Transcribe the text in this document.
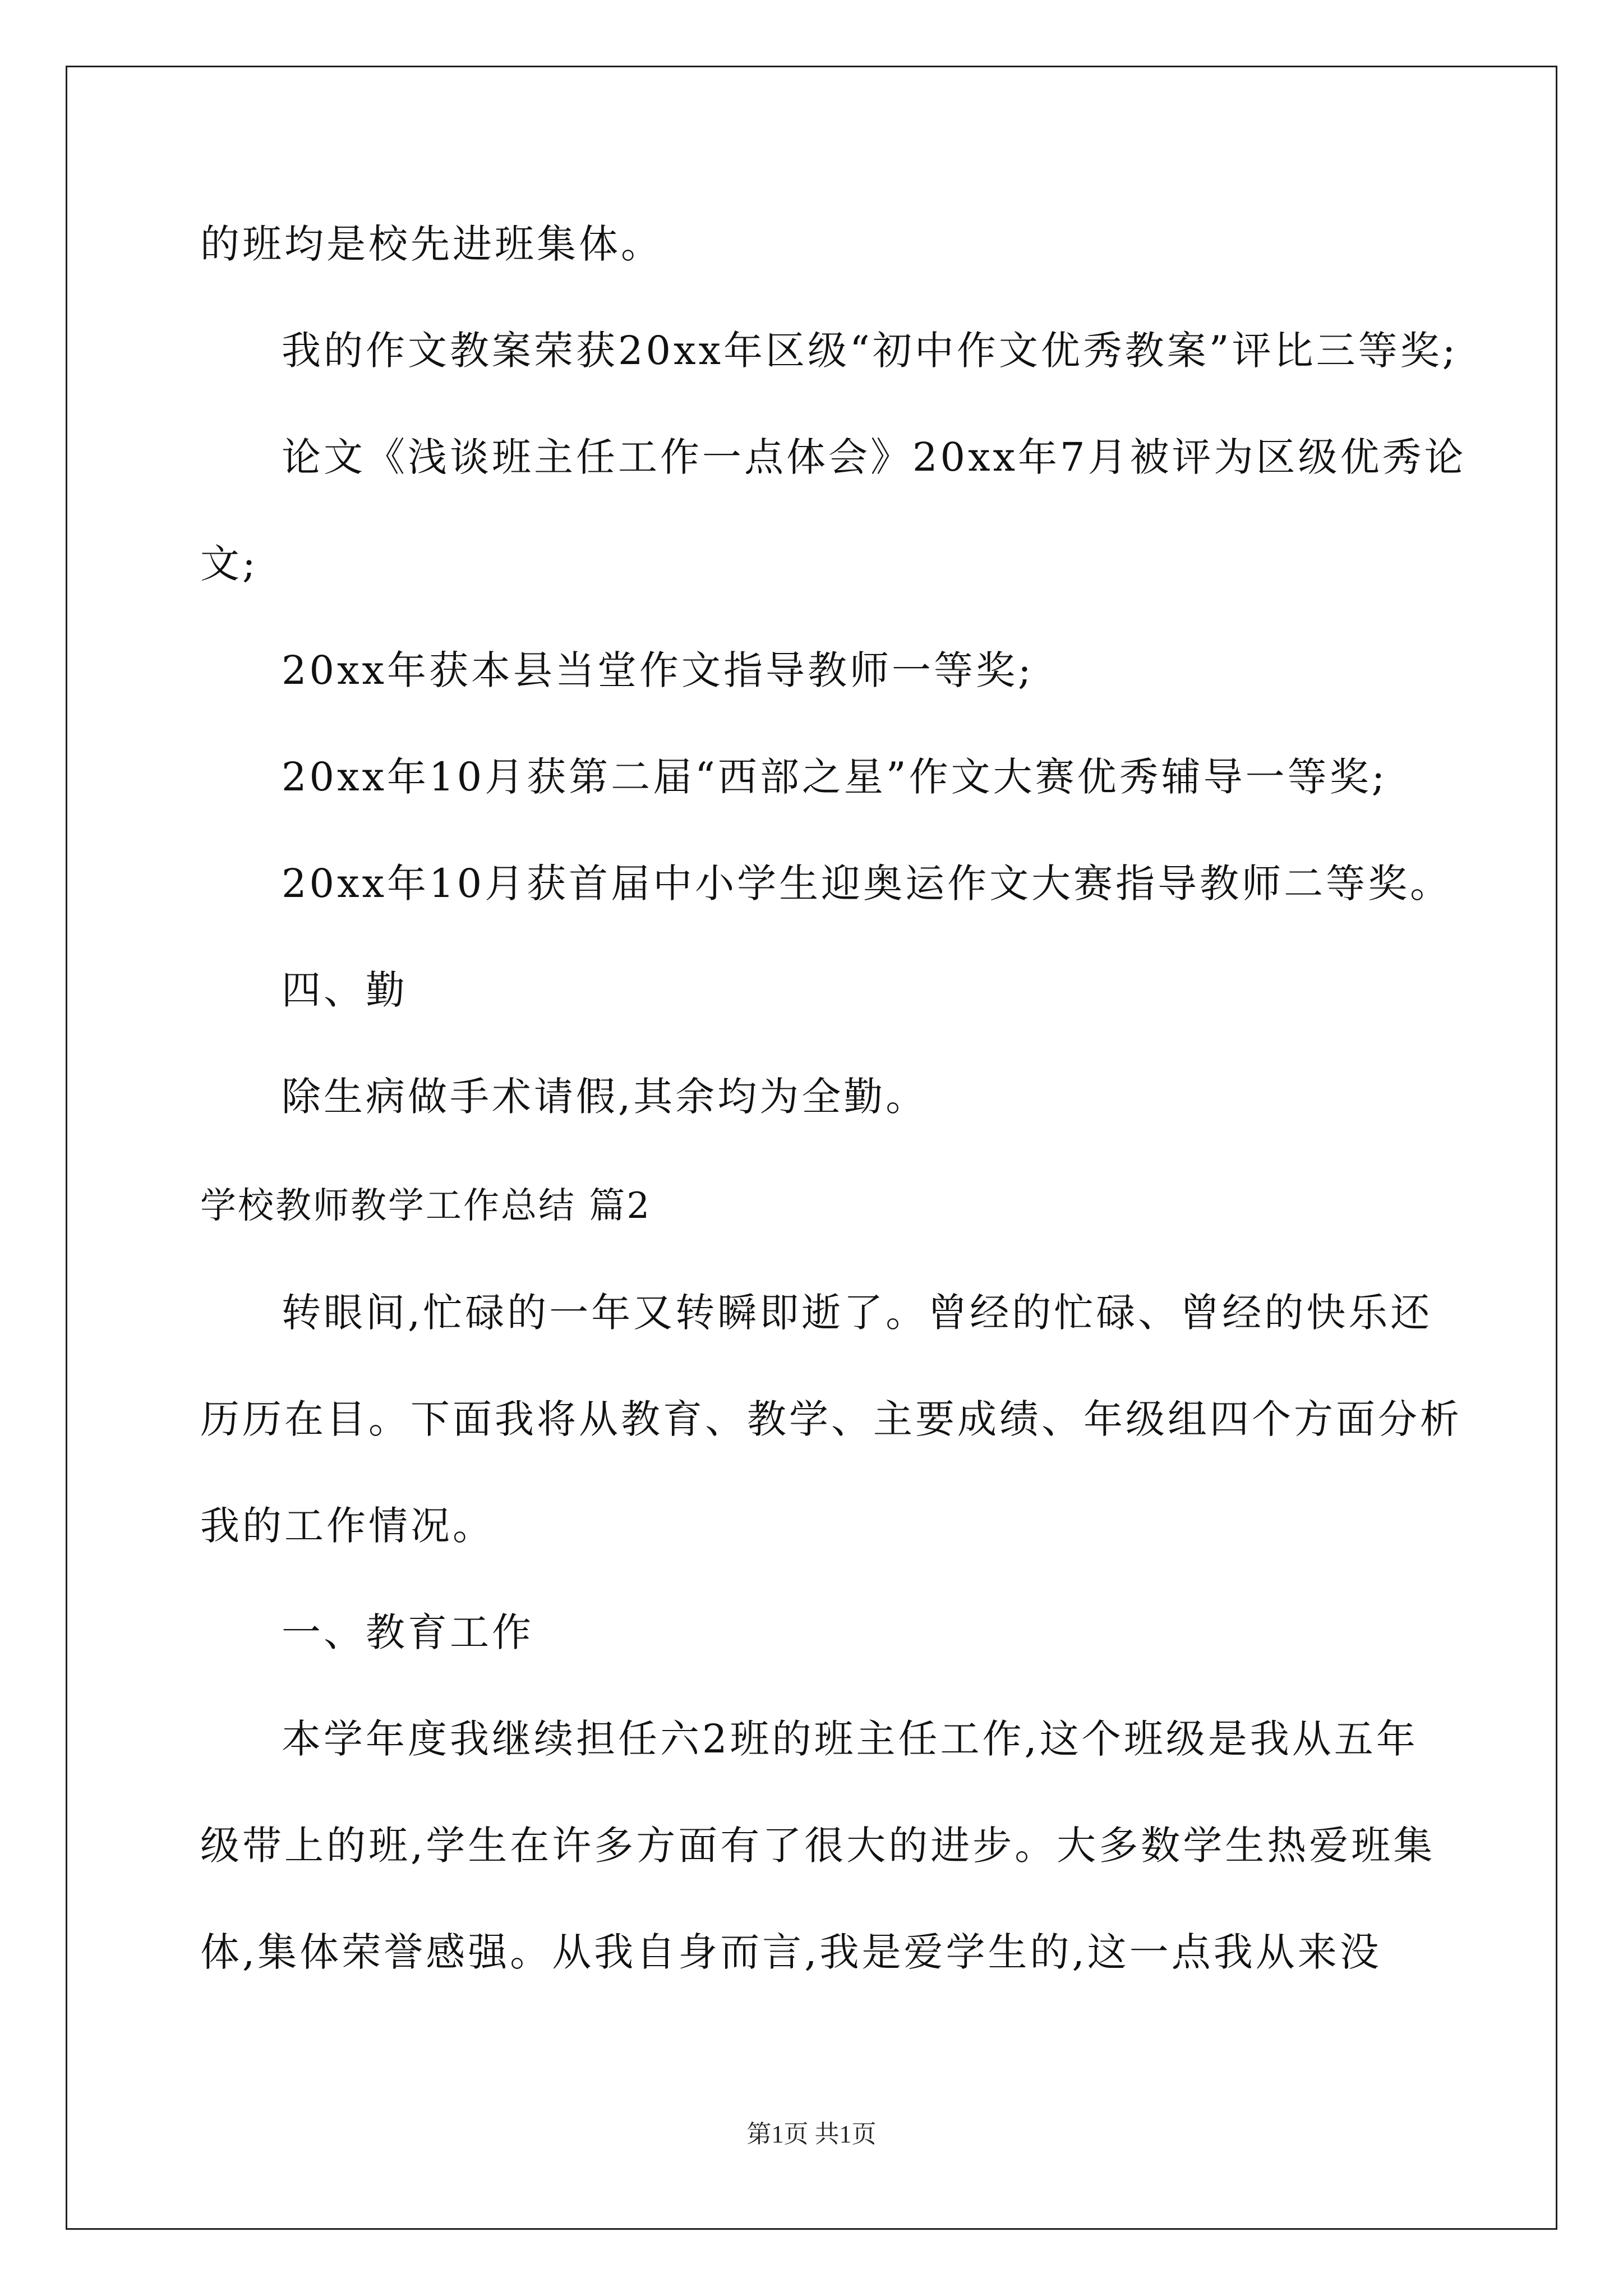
的班均是校先进班集体。
我的作文教案荣获20xx年区级“初中作文优秀教案”评比三等奖;
论文《浅谈班主任工作一点体会》20xx年7月被评为区级优秀论
文;
20xx年获本县当堂作文指导教师一等奖;
20xx年10月获第二届“西部之星”作文大赛优秀辅导一等奖;
20xx年10月获首届中小学生迎奥运作文大赛指导教师二等奖。
四、勤
除生病做手术请假,其余均为全勤。
学校教师教学工作总结 篇2
转眼间,忙碌的一年又转瞬即逝了。曾经的忙碌、曾经的快乐还
历历在目。下面我将从教育、教学、主要成绩、年级组四个方面分析
我的工作情况。
一、教育工作
本学年度我继续担任六2班的班主任工作,这个班级是我从五年
级带上的班,学生在许多方面有了很大的进步。大多数学生热爱班集
体,集体荣誉感强。从我自身而言,我是爱学生的,这一点我从来没
第1页 共1页
